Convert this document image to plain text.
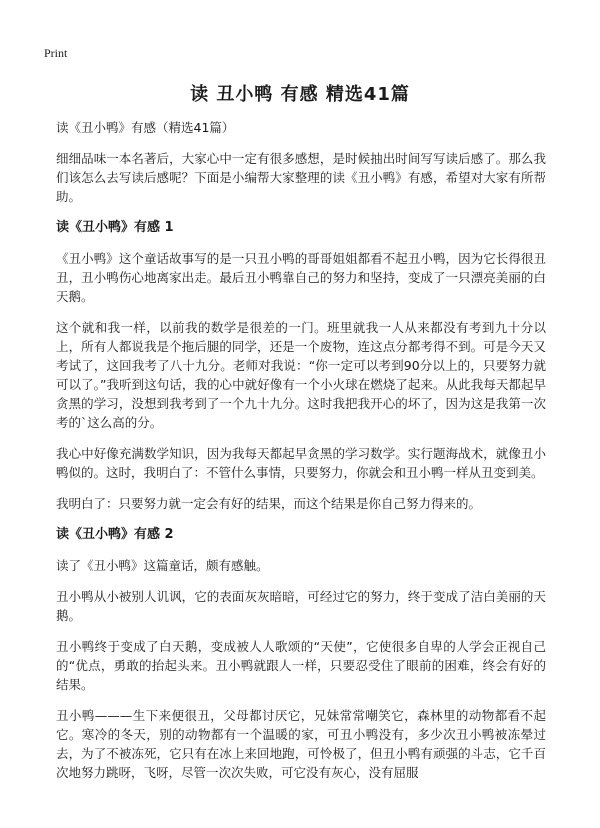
Print
读 丑小鸭 有感 精选41篇

读《丑小鸭》有感（精选41篇）

细细品味一本名著后，大家心中一定有很多感想，是时候抽出时间写写读后感了。那么我们该怎么去写读后感呢？下面是小编帮大家整理的读《丑小鸭》有感，希望对大家有所帮助。

读《丑小鸭》有感 1

《丑小鸭》这个童话故事写的是一只丑小鸭的哥哥姐姐都看不起丑小鸭，因为它长得很丑丑，丑小鸭伤心地离家出走。最后丑小鸭靠自己的努力和坚持，变成了一只漂亮美丽的白天鹅。

这个就和我一样，以前我的数学是很差的一门。班里就我一人从来都没有考到九十分以上，所有人都说我是个拖后腿的同学，还是一个废物，连这点分都考得不到。可是今天又考试了，这回我考了八十九分。老师对我说：“你一定可以考到90分以上的，只要努力就可以了。”我听到这句话，我的心中就好像有一个小火球在燃烧了起来。从此我每天都起早贪黑的学习，没想到我考到了一个九十九分。这时我把我开心的坏了，因为这是我第一次考的`这么高的分。

我心中好像充满数学知识，因为我每天都起早贪黑的学习数学。实行题海战术，就像丑小鸭似的。这时，我明白了：不管什么事情，只要努力，你就会和丑小鸭一样从丑变到美。

我明白了：只要努力就一定会有好的结果，而这个结果是你自己努力得来的。

读《丑小鸭》有感 2

读了《丑小鸭》这篇童话，颇有感触。

丑小鸭从小被别人讥讽，它的表面灰灰暗暗，可经过它的努力，终于变成了洁白美丽的天鹅。

丑小鸭终于变成了白天鹅，变成被人人歌颂的“天使”，它使很多自卑的人学会正视自己的“优点，勇敢的抬起头来。丑小鸭就跟人一样，只要忍受住了眼前的困难，终会有好的结果。

丑小鸭———生下来便很丑，父母都讨厌它，兄妹常常嘲笑它，森林里的动物都看不起它。寒冷的冬天，别的动物都有一个温暖的家，可丑小鸭没有，多少次丑小鸭被冻晕过去，为了不被冻死，它只有在冰上来回地跑，可怜极了，但丑小鸭有顽强的斗志，它千百次地努力跳呀，飞呀，尽管一次次失败，可它没有灰心，没有屈服
